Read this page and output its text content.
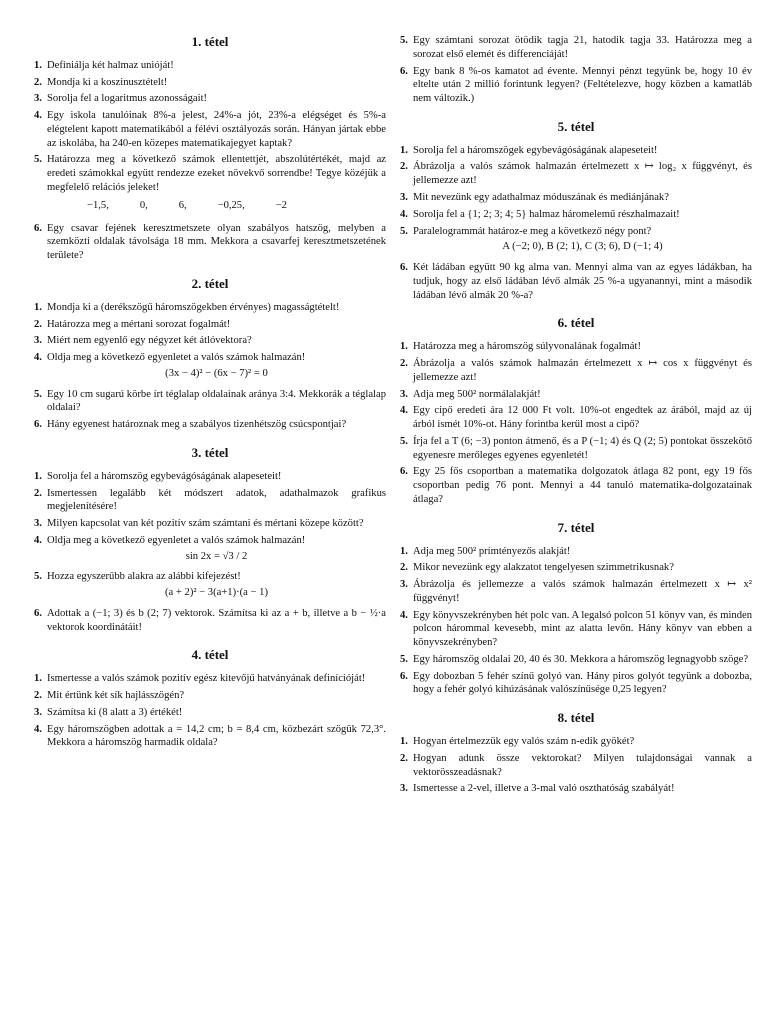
1. tétel
1. Definiálja két halmaz unióját!
2. Mondja ki a koszinusztételt!
3. Sorolja fel a logaritmus azonosságait!
4. Egy iskola tanulóinak 8%-a jelest, 24%-a jót, 23%-a elégséget és 5%-a elégtelent kapott matematikából a félévi osztályozás során. Hányan jártak ebbe az iskolába, ha 240-en közepes matematikajegyet kaptak?
5. Határozza meg a következő számok ellentettjét, abszolútértékét, majd az eredeti számokkal együtt rendezze ezeket növekvő sorrendbe! Tegye közéjük a megfelelő relációs jeleket!
−1,5,	0,	6,	−0,25,	−2
6. Egy csavar fejének keresztmetszete olyan szabályos hatszög, melyben a szemközti oldalak távolsága 18 mm. Mekkora a csavarfej keresztmetszetének területe?
2. tétel
1. Mondja ki a (derékszögű háromszögekben érvényes) magasságtételt!
2. Határozza meg a mértani sorozat fogalmát!
3. Miért nem egyenlő egy négyzet két átlóvektora?
4. Oldja meg a következő egyenletet a valós számok halmazán!
(3x − 4)² − (6x − 7)² = 0
5. Egy 10 cm sugarú körbe írt téglalap oldalainak aránya 3:4. Mekkorák a téglalap oldalai?
6. Hány egyenest határoznak meg a szabályos tizenhétszög csúcspontjai?
3. tétel
1. Sorolja fel a háromszög egybevágóságának alapeseteit!
2. Ismertessen legalább két módszert adatok, adathalmazok grafikus megjelenítésére!
3. Milyen kapcsolat van két pozitív szám számtani és mértani közepe között?
4. Oldja meg a következő egyenletet a valós számok halmazán!
sin 2x = √3 / 2
5. Hozza egyszerűbb alakra az alábbi kifejezést!
(a + 2)² − 3(a+1)·(a − 1)
6. Adottak a (−1; 3) és b (2; 7) vektorok. Számítsa ki az a + b, illetve a b − ½·a vektorok koordinátáit!
4. tétel
1. Ismertesse a valós számok pozitív egész kitevőjű hatványának definícióját!
2. Mit értünk két sík hajlásszögén?
3. Számítsa ki (8 alatt a 3) értékét!
4. Egy háromszögben adottak a = 14,2 cm; b = 8,4 cm, közbezárt szögük 72,3°. Mekkora a háromszög harmadik oldala?
5. Egy számtani sorozat ötödik tagja 21, hatodik tagja 33. Határozza meg a sorozat első elemét és differenciáját!
6. Egy bank 8 %-os kamatot ad évente. Mennyi pénzt tegyünk be, hogy 10 év eltelte után 2 millió forintunk legyen? (Feltételezve, hogy közben a kamatláb nem változik.)
5. tétel
1. Sorolja fel a háromszögek egybevágóságának alapeseteit!
2. Ábrázolja a valós számok halmazán értelmezett x ↦ log₂ x függvényt, és jellemezze azt!
3. Mit nevezünk egy adathalmaz móduszának és mediánjának?
4. Sorolja fel a {1; 2; 3; 4; 5} halmaz háromelemű részhalmazait!
5. Paralelogrammát határoz-e meg a következő négy pont?
A (−2; 0), B (2; 1), C (3; 6), D (−1; 4)
6. Két ládában együtt 90 kg alma van. Mennyi alma van az egyes ládákban, ha tudjuk, hogy az első ládában lévő almák 25 %-a ugyanannyi, mint a második ládában lévő almák 20 %-a?
6. tétel
1. Határozza meg a háromszög súlyvonalának fogalmát!
2. Ábrázolja a valós számok halmazán értelmezett x ↦ cos x függvényt és jellemezze azt!
3. Adja meg 500² normálalakját!
4. Egy cipő eredeti ára 12 000 Ft volt. 10%-ot engedtek az árából, majd az új árból ismét 10%-ot. Hány forintba kerül most a cipő?
5. Írja fel a T (6; −3) ponton átmenő, és a P (−1; 4) és Q (2; 5) pontokat összekötő egyenesre merőleges egyenes egyenletét!
6. Egy 25 fős csoportban a matematika dolgozatok átlaga 82 pont, egy 19 fős csoportban pedig 76 pont. Mennyi a 44 tanuló matematika-dolgozatainak átlaga?
7. tétel
1. Adja meg 500² prímtényezős alakját!
2. Mikor nevezünk egy alakzatot tengelyesen szimmetrikusnak?
3. Ábrázolja és jellemezze a valós számok halmazán értelmezett x ↦ x² függvényt!
4. Egy könyvszekrényben hét polc van. A legalsó polcon 51 könyv van, és minden polcon hárommal kevesebb, mint az alatta levőn. Hány könyv van ebben a könyvszekrényben?
5. Egy háromszög oldalai 20, 40 és 30. Mekkora a háromszög legnagyobb szöge?
6. Egy dobozban 5 fehér színű golyó van. Hány piros golyót tegyünk a dobozba, hogy a fehér golyó kihúzásának valószínűsége 0,25 legyen?
8. tétel
1. Hogyan értelmezzük egy valós szám n-edik gyökét?
2. Hogyan adunk össze vektorokat? Milyen tulajdonságai vannak a vektorösszeadásnak?
3. Ismertesse a 2-vel, illetve a 3-mal való oszthatóság szabályát!
